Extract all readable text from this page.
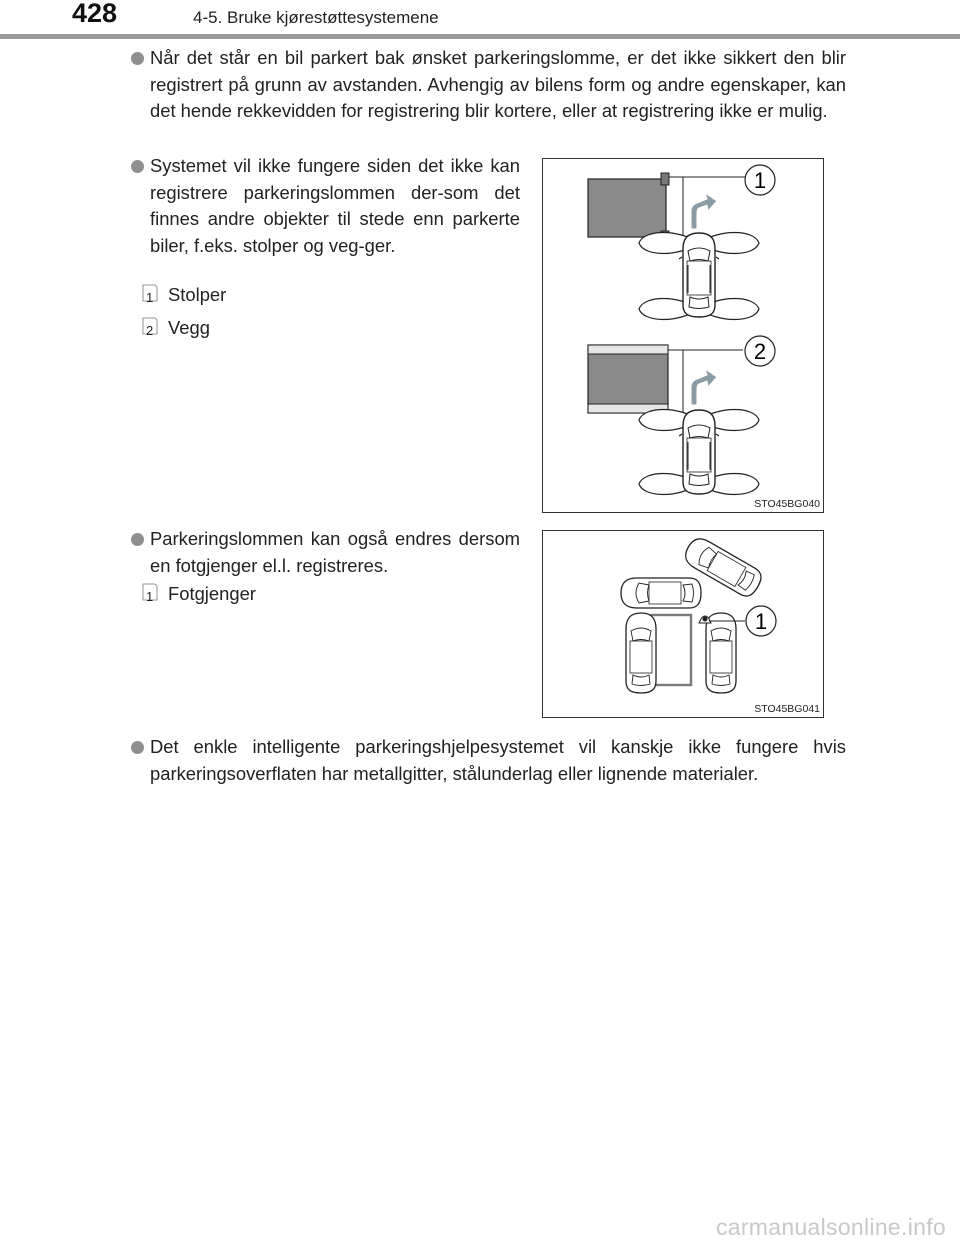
428	4-5. Bruke kjørestøttesystemene

Når det står en bil parkert bak ønsket parkeringslomme, er det ikke sikkert den blir registrert på grunn av avstanden. Avhengig av bilens form og andre egenskaper, kan det hende rekkevidden for registrering blir kortere, eller at registrering ikke er mulig.

Systemet vil ikke fungere siden det ikke kan registrere parkeringslommen der-som det finnes andre objekter til stede enn parkerte biler, f.eks. stolper og veg-ger.

1 Stolper
2 Vegg
1
2
STO45BG040

Parkeringslommen kan også endres dersom en fotgjenger el.l. registreres.

1 Fotgjenger
1
STO45BG041

Det enkle intelligente parkeringshjelpesystemet vil kanskje ikke fungere hvis parkeringsoverflaten har metallgitter, stålunderlag eller lignende materialer.

carmanualsonline.info
